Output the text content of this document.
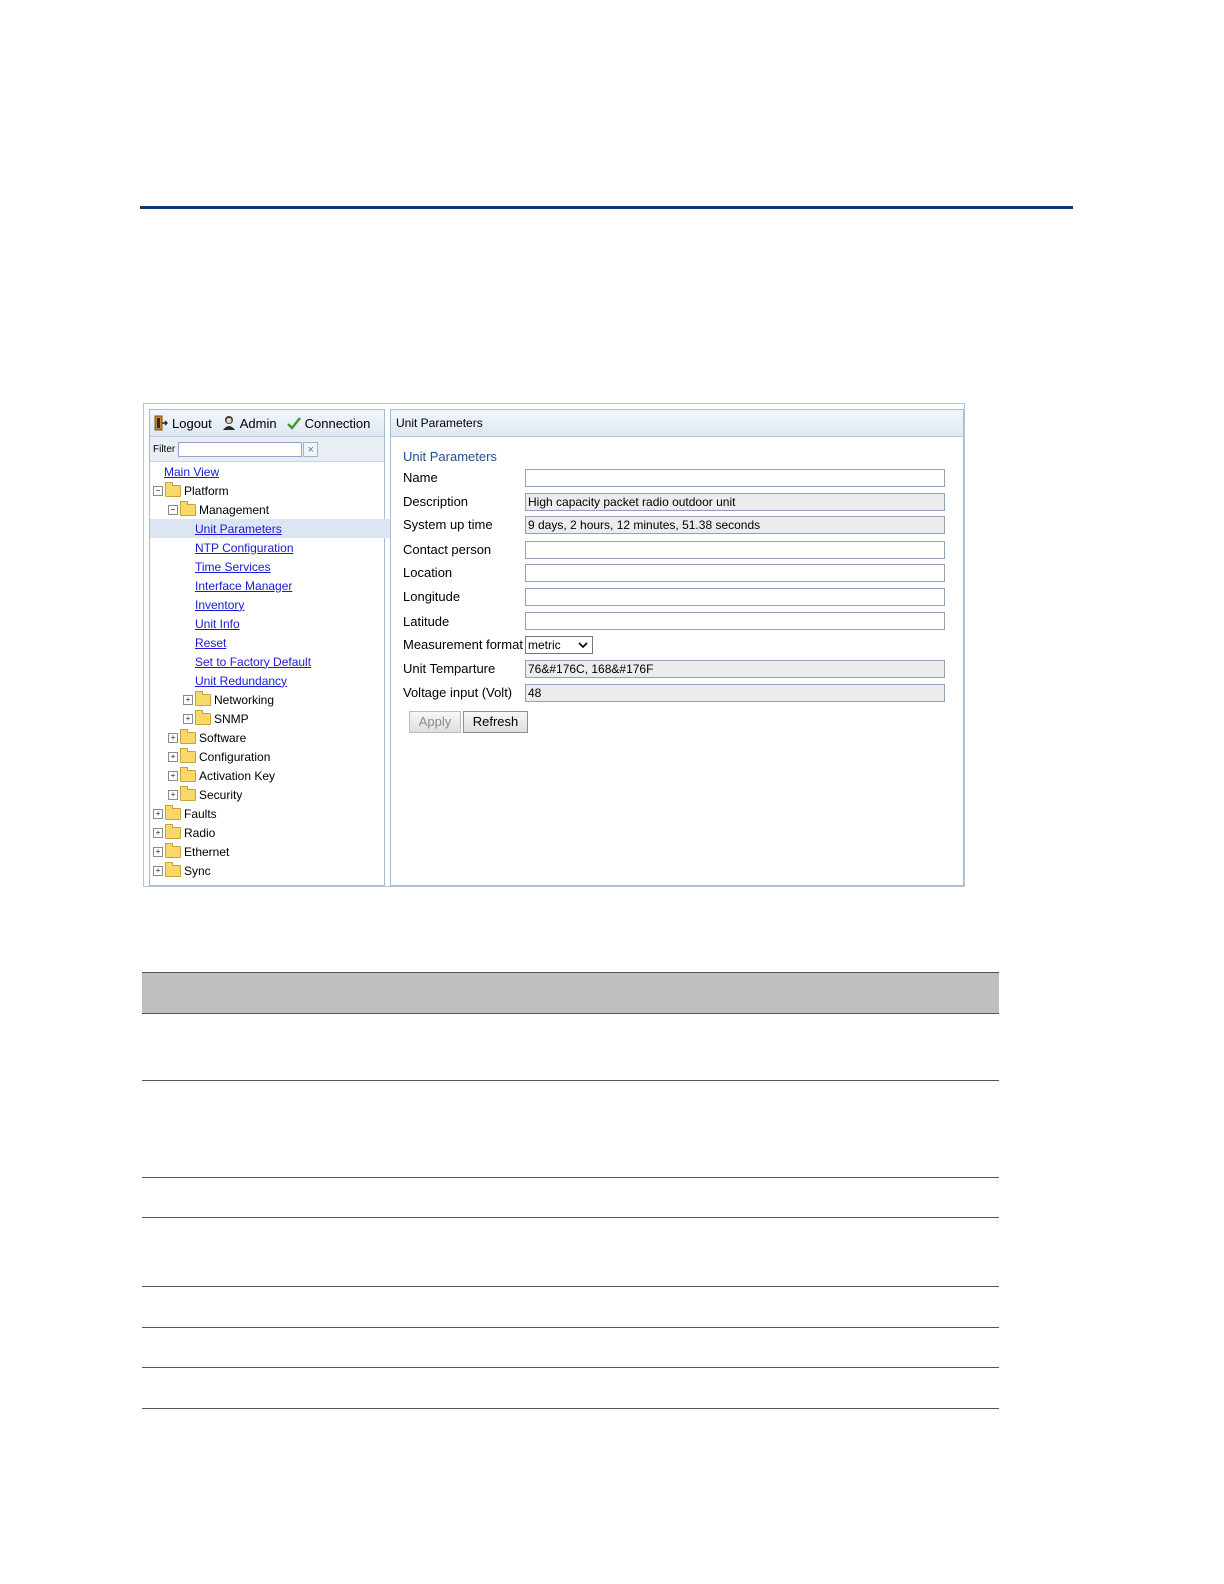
Logout Admin Connection
Filter	×
Main View
− Platform
− Management
Unit Parameters
NTP Configuration
Time Services
Interface Manager
Inventory
Unit Info
Reset
Set to Factory Default
Unit Redundancy
+ Networking
+ SNMP
+ Software
+ Configuration
+ Activation Key
+ Security
+ Faults
+ Radio
+ Ethernet
+ Sync
Unit Parameters
Unit Parameters
Name
Description	High capacity packet radio outdoor unit
System up time	9 days, 2 hours, 12 minutes, 51.38 seconds
Contact person
Location
Longitude
Latitude
Measurement format metric
Unit Temparture	76&#176C, 168&#176F
Voltage input (Volt) 48
Apply	Refresh
